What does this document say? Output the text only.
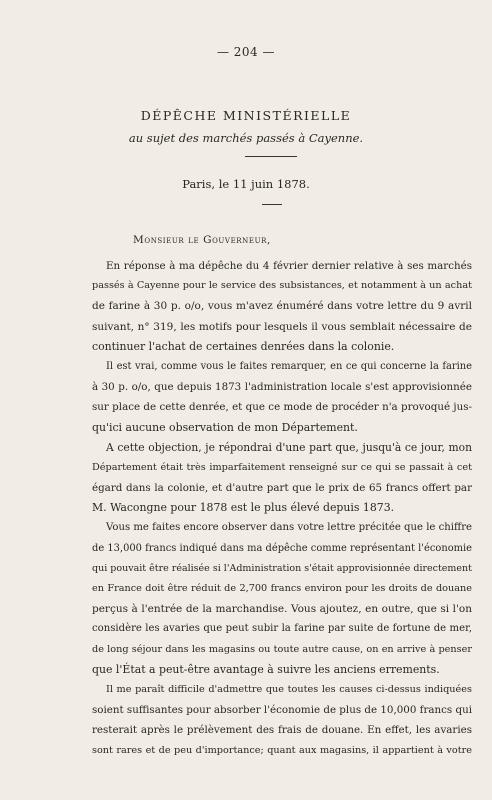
— 204 —
DÉPÊCHE MINISTÉRIELLE
au sujet des marchés passés à Cayenne.
Paris, le 11 juin 1878.
Monsieur le Gouverneur,
En réponse à ma dépêche du 4 février dernier relative à ses marchés
passés à Cayenne pour le service des subsistances, et notamment à un achat
de farine à 30 p. o/o, vous m'avez énuméré dans votre lettre du 9 avril
suivant, n° 319, les motifs pour lesquels il vous semblait nécessaire de
continuer l'achat de certaines denrées dans la colonie.
Il est vrai, comme vous le faites remarquer, en ce qui concerne la farine
à 30 p. o/o, que depuis 1873 l'administration locale s'est approvisionnée
sur place de cette denrée, et que ce mode de procéder n'a provoqué jus-
qu'ici aucune observation de mon Département.
A cette objection, je répondrai d'une part que, jusqu'à ce jour, mon
Département était très imparfaitement renseigné sur ce qui se passait à cet
égard dans la colonie, et d'autre part que le prix de 65 francs offert par
M. Wacongne pour 1878 est le plus élevé depuis 1873.
Vous me faites encore observer dans votre lettre précitée que le chiffre
de 13,000 francs indiqué dans ma dépêche comme représentant l'économie
qui pouvait être réalisée si l'Administration s'était approvisionnée directement
en France doit être réduit de 2,700 francs environ pour les droits de douane
perçus à l'entrée de la marchandise. Vous ajoutez, en outre, que si l'on
considère les avaries que peut subir la farine par suite de fortune de mer,
de long séjour dans les magasins ou toute autre cause, on en arrive à penser
que l'État a peut-être avantage à suivre les anciens errements.
Il me paraît difficile d'admettre que toutes les causes ci-dessus indiquées
soient suffisantes pour absorber l'économie de plus de 10,000 francs qui
resterait après le prélèvement des frais de douane. En effet, les avaries
sont rares et de peu d'importance; quant aux magasins, il appartient à votre
